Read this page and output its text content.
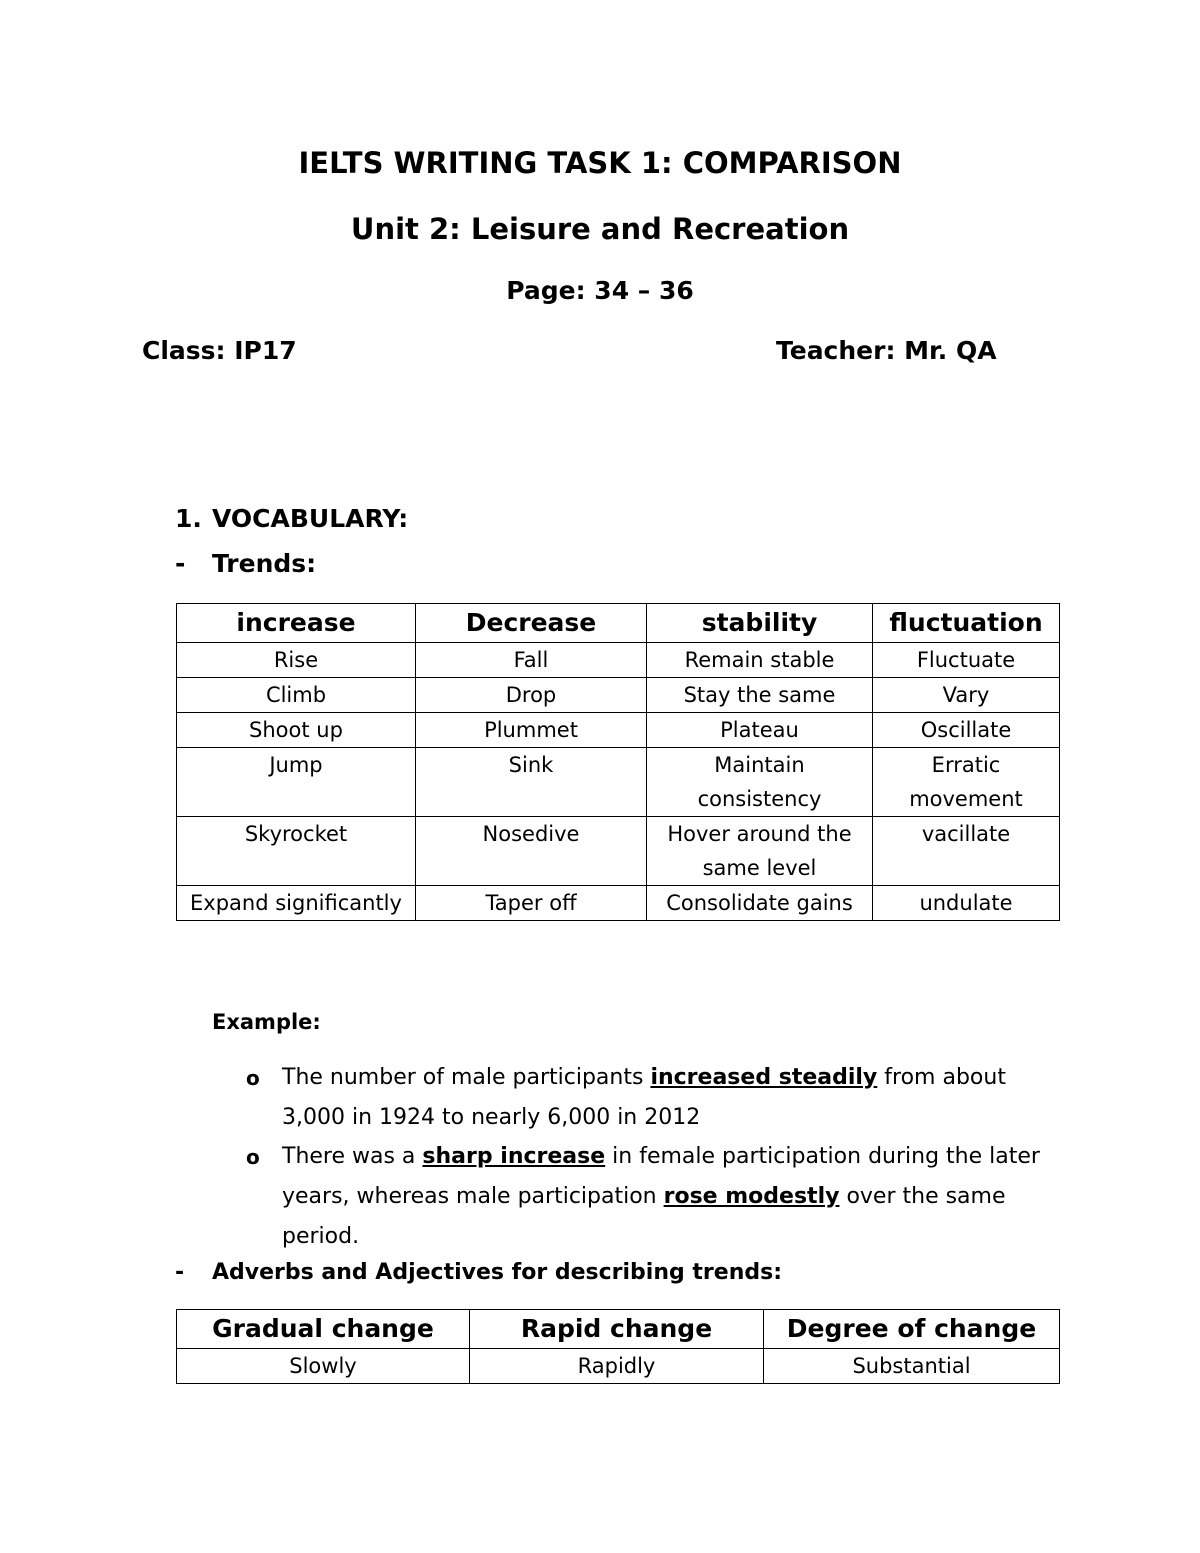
IELTS WRITING TASK 1: COMPARISON
Unit 2: Leisure and Recreation
Page: 34 – 36
Class: IP17	Teacher: Mr. QA
1. VOCABULARY:
- Trends:
increase	Decrease	stability	fluctuation
Rise	Fall	Remain stable	Fluctuate
Climb	Drop	Stay the same	Vary
Shoot up	Plummet	Plateau	Oscillate
Jump	Sink	Maintain consistency	Erratic movement
Skyrocket	Nosedive	Hover around the same level	vacillate
Expand significantly	Taper off	Consolidate gains	undulate
Example:
o The number of male participants increased steadily from about 3,000 in 1924 to nearly 6,000 in 2012
o There was a sharp increase in female participation during the later years, whereas male participation rose modestly over the same period.
- Adverbs and Adjectives for describing trends:
Gradual change	Rapid change	Degree of change
Slowly	Rapidly	Substantial
